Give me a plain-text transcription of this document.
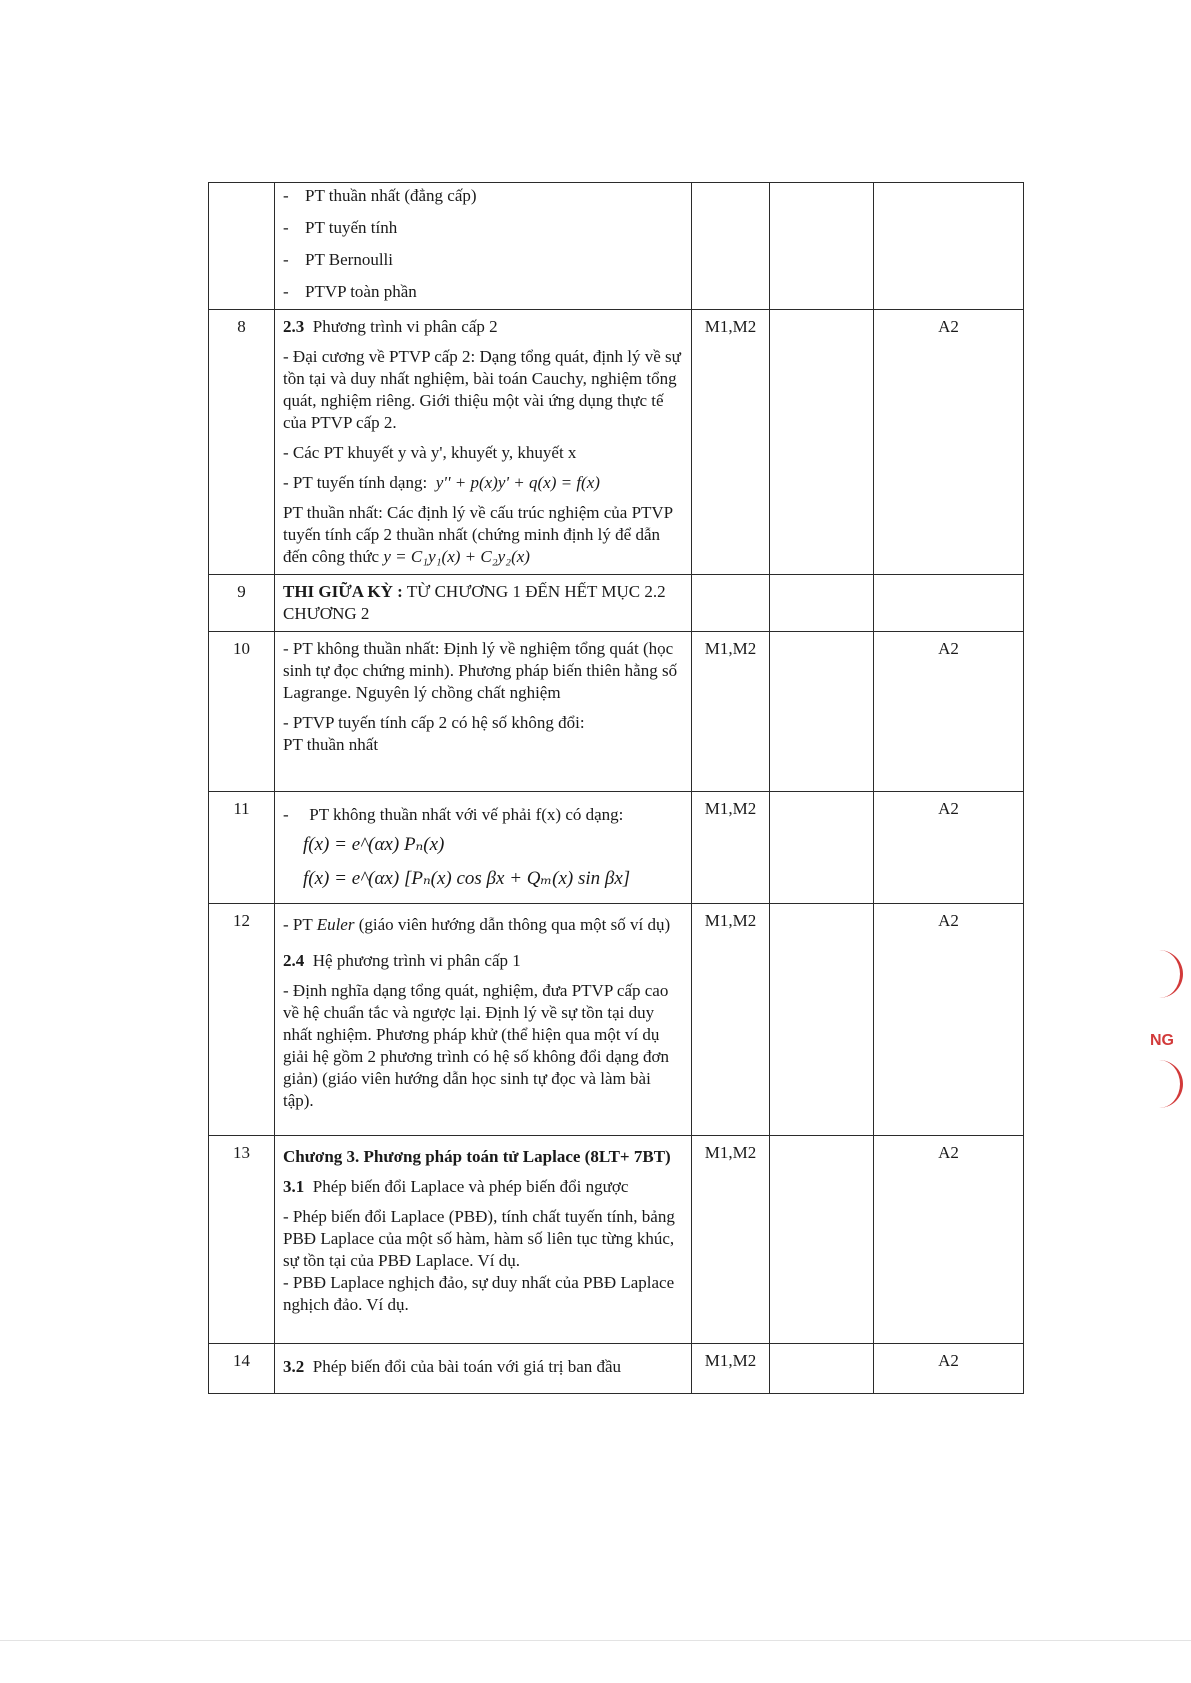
	- PT thuần nhất (đẳng cấp)
- PT tuyến tính
- PT Bernoulli
- PTVP toàn phần			

8	2.3 Phương trình vi phân cấp 2
- Đại cương về PTVP cấp 2: Dạng tổng quát, định lý về sự tồn tại và duy nhất nghiệm, bài toán Cauchy, nghiệm tổng quát, nghiệm riêng. Giới thiệu một vài ứng dụng thực tế của PTVP cấp 2.
- Các PT khuyết y và y', khuyết y, khuyết x
- PT tuyến tính dạng: y'' + p(x)y' + q(x) = f(x)
PT thuần nhất: Các định lý về cấu trúc nghiệm của PTVP tuyến tính cấp 2 thuần nhất (chứng minh định lý để dẫn đến công thức y = C₁y₁(x) + C₂y₂(x)	M1,M2		A2
9	THI GIỮA KỲ : TỪ CHƯƠNG 1 ĐẾN HẾT MỤC 2.2 CHƯƠNG 2			
10	- PT không thuần nhất: Định lý về nghiệm tổng quát (học sinh tự đọc chứng minh). Phương pháp biến thiên hằng số Lagrange. Nguyên lý chồng chất nghiệm
- PTVP tuyến tính cấp 2 có hệ số không đổi:
PT thuần nhất	M1,M2		A2
11	- PT không thuần nhất với vế phải f(x) có dạng:
f(x) = e^(αx) Pₙ(x)
f(x) = e^(αx) [Pₙ(x) cos βx + Qₘ(x) sin βx]	M1,M2		A2
12	- PT Euler (giáo viên hướng dẫn thông qua một số ví dụ)
2.4 Hệ phương trình vi phân cấp 1
- Định nghĩa dạng tổng quát, nghiệm, đưa PTVP cấp cao về hệ chuẩn tắc và ngược lại. Định lý về sự tồn tại duy nhất nghiệm. Phương pháp khử (thể hiện qua một ví dụ giải hệ gồm 2 phương trình có hệ số không đổi dạng đơn giản) (giáo viên hướng dẫn học sinh tự đọc và làm bài tập).	M1,M2		A2
13	Chương 3. Phương pháp toán tử Laplace (8LT+ 7BT)
3.1 Phép biến đổi Laplace và phép biến đổi ngược
- Phép biến đổi Laplace (PBĐ), tính chất tuyến tính, bảng PBĐ Laplace của một số hàm, hàm số liên tục từng khúc, sự tồn tại của PBĐ Laplace. Ví dụ.
- PBĐ Laplace nghịch đảo, sự duy nhất của PBĐ Laplace nghịch đảo. Ví dụ.	M1,M2		A2
14	3.2 Phép biến đổi của bài toán với giá trị ban đầu	M1,M2		A2
NG
